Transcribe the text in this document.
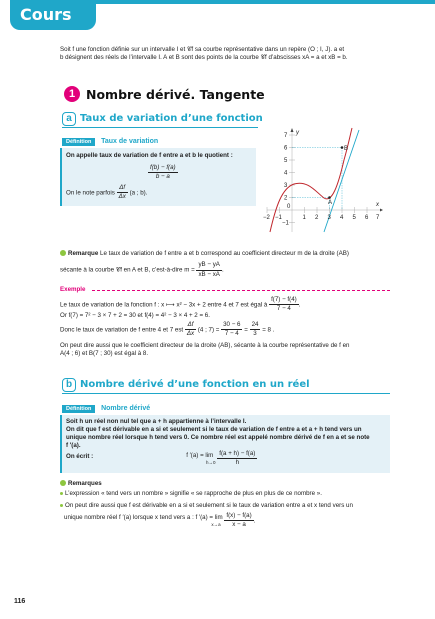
Cours
Soit f une fonction définie sur un intervalle I et 𝒞f sa courbe représentative dans un repère (O ; I, J). a et
b désignent des réels de l’intervalle I. A et B sont des points de la courbe 𝒞f d’abscisses xA = a et xB = b.
1 Nombre dérivé. Tangente
a Taux de variation d’une fonction
Définition Taux de variation
On appelle taux de variation de f entre a et b le quotient :
$\frac{f(b) - f(a)}{b - a}$
On le note parfois $\frac{\Delta f}{\Delta x} (a$ ; b).
y
x
7
6
5
4
3
2
−1
−2 −1	1 2 3 4 5 6 7
0
A
B
Remarque Le taux de variation de f entre a et b correspond au coefficient directeur m de la droite (AB)
sécante à la courbe 𝒞f en A et B, c’est-à-dire $m = \frac{yB - yA}{xB - xA}$ .
Exemple
Le taux de variation de la fonction f : x ⟼ x² − 3x + 2 entre 4 et 7 est égal à $\frac{f(7) - f(4)}{7 - 4}$ .
Or f(7) = 7² − 3 × 7 + 2 = 30 et f(4) = 4² − 3 × 4 + 2 = 6.
Donc le taux de variation de f entre 4 et 7 est $\frac{\Delta f}{\Delta x} (4$ ; $7) = \frac{30 - 6}{7 - 4} = \frac{24}{3} = 8$ .
On peut dire aussi que le coefficient directeur de la droite (AB), sécante à la courbe représentative de f en
A(4 ; 6) et B(7 ; 30) est égal à 8.
b Nombre dérivé d’une fonction en un réel
Définition Nombre dérivé
Soit h un réel non nul tel que a + h appartienne à l’intervalle I.
On dit que f est dérivable en a si et seulement si le taux de variation de f entre a et a + h tend vers un
unique nombre réel lorsque h tend vers 0. Ce nombre réel est appelé nombre dérivé de f en a et se note
f ′(a).
On écrit :	f ′(a) = lim
h→0
$\frac{f(a + h) - f(a)}{h}$
Remarques
L’expression « tend vers un nombre » signifie « se rapproche de plus en plus de ce nombre ».
On peut dire aussi que f est dérivable en a si et seulement si le taux de variation entre a et x tend vers un
unique nombre réel f ′(a) lorsque x tend vers a : f ′(a) = lim
x→a
$\frac{f(x) - f(a)}{x - a}$ .
116
